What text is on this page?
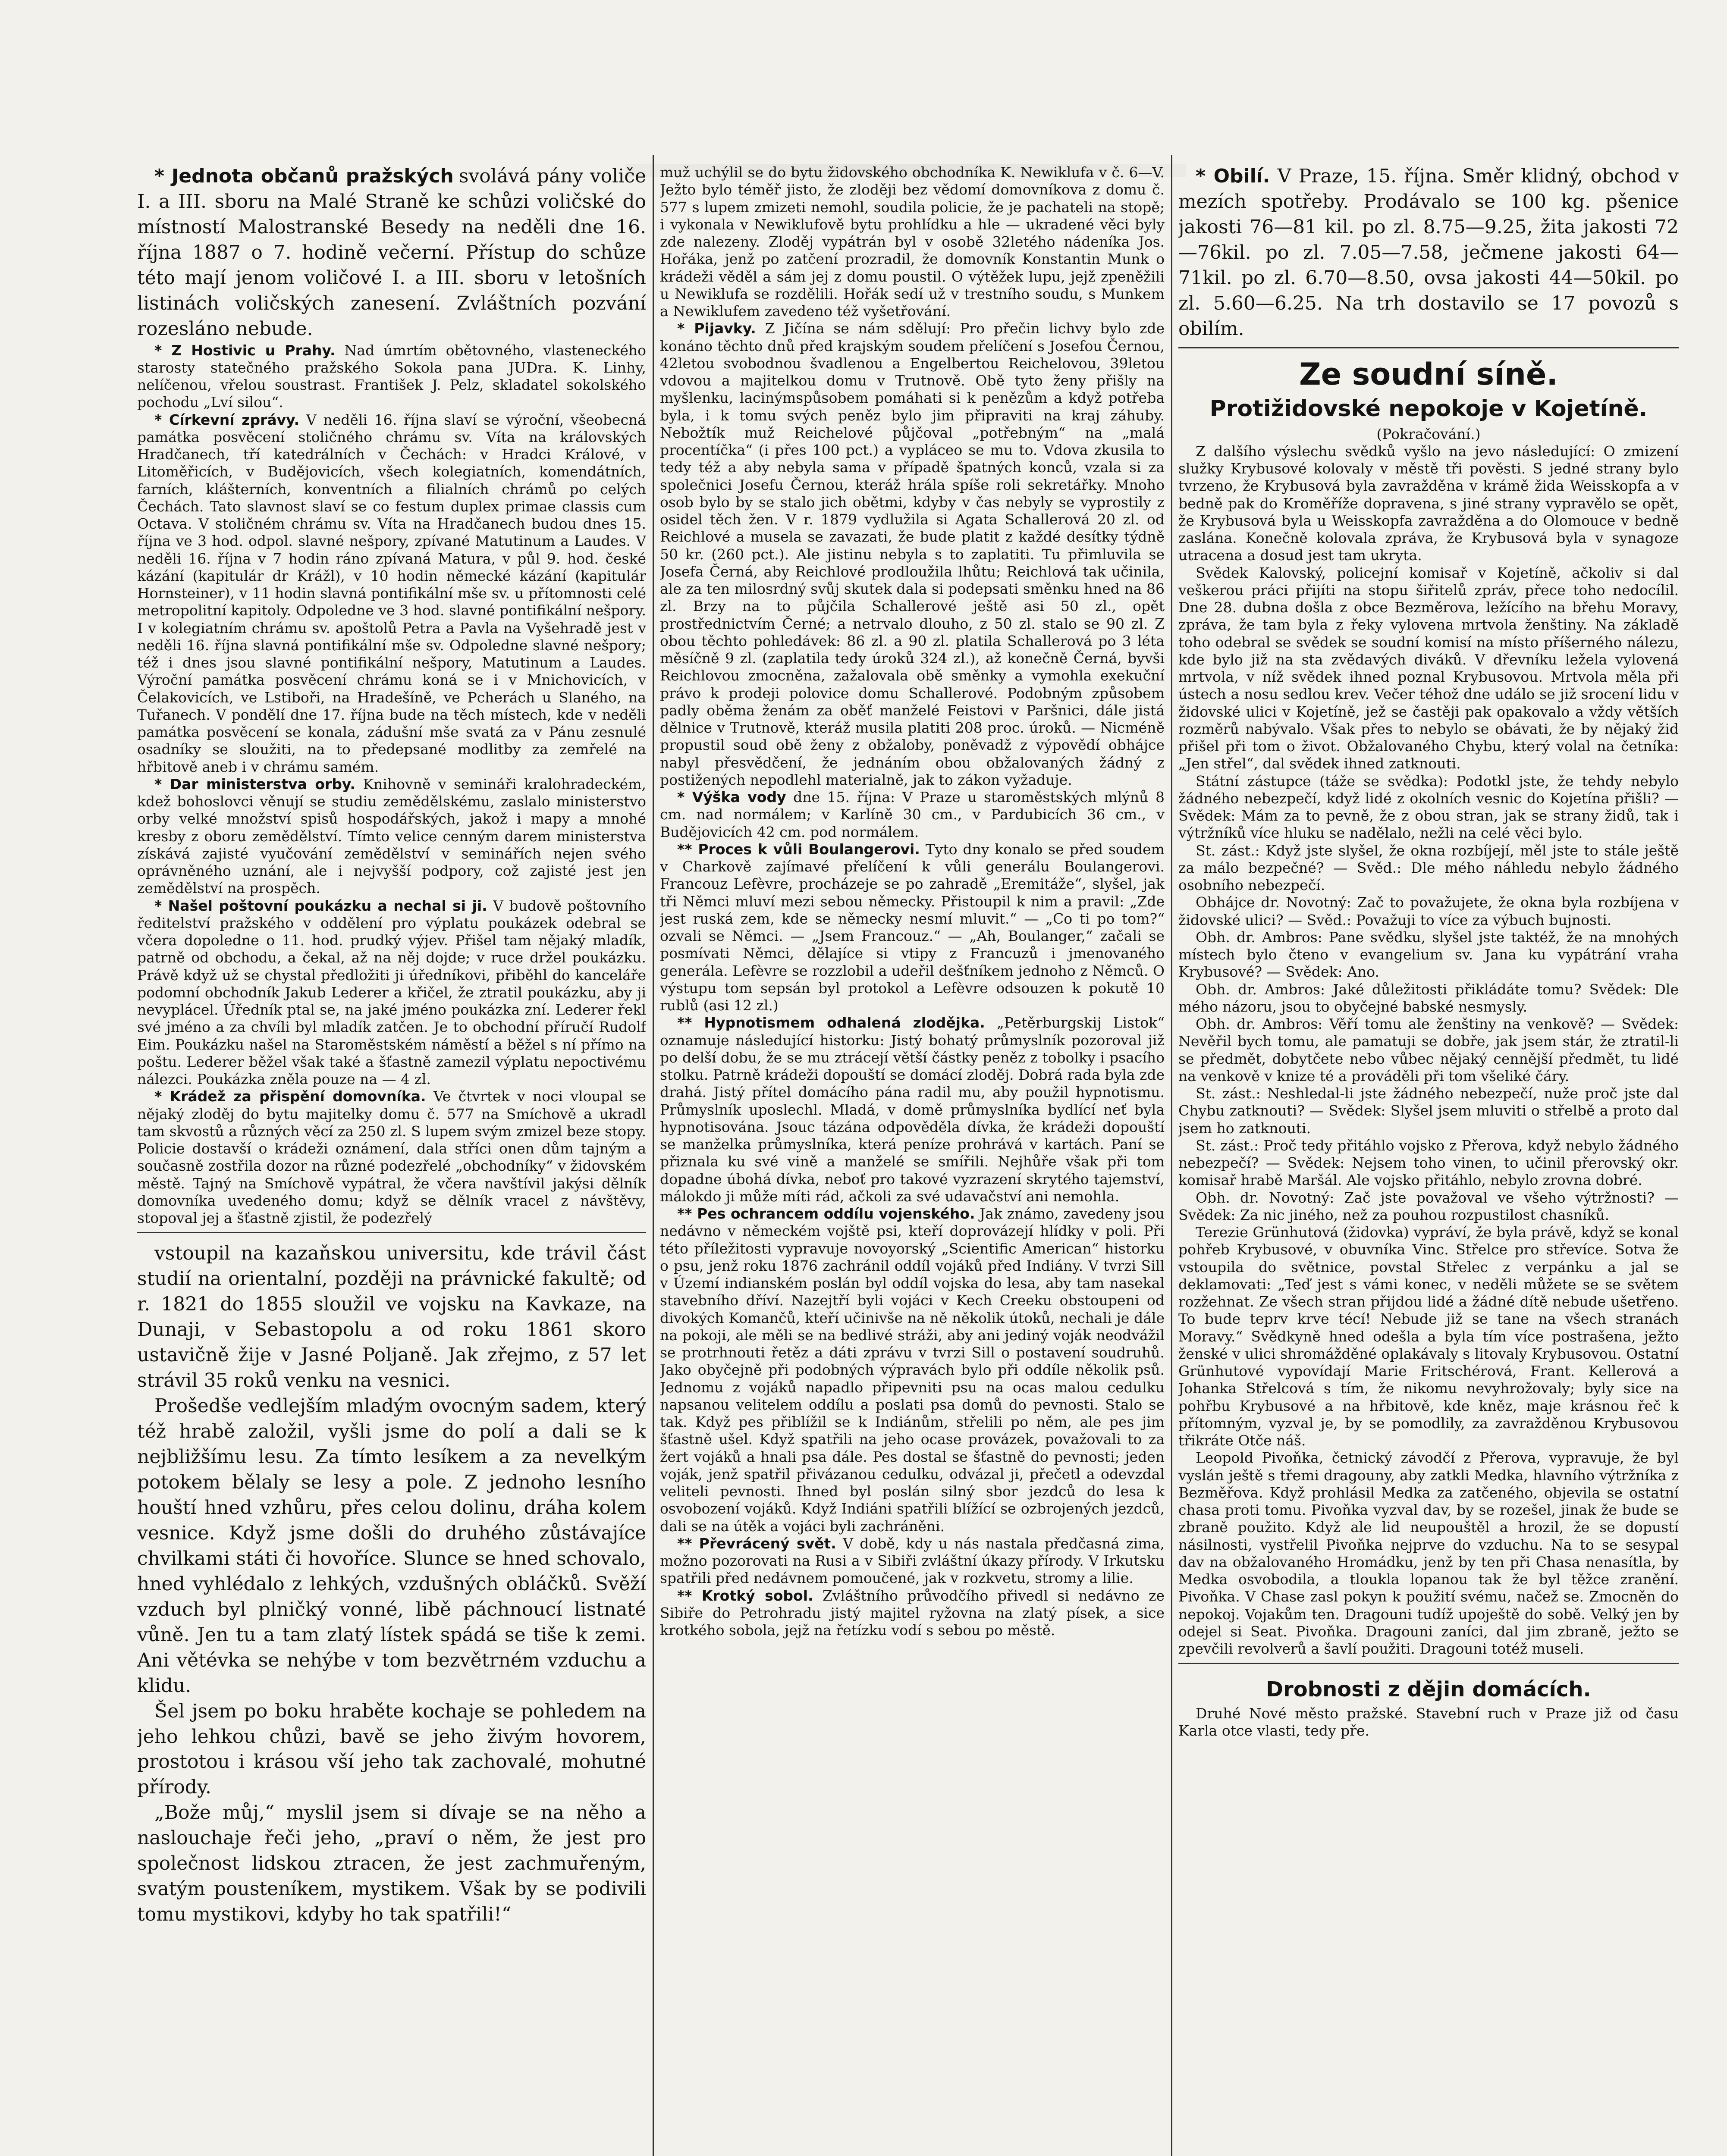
* Jednota občanů pražských svolává pány voliče I. a III. sboru na Malé Straně ke schůzi voličské do místností Malostranské Besedy na neděli dne 16. října 1887 o 7. hodině večerní. Přístup do schůze této mají jenom voličové I. a III. sboru v letošních listinách voličských zanesení. Zvláštních pozvání rozesláno nebude.

* Z Hostivic u Prahy. Nad úmrtím obětovného, vlasteneckého starosty statečného pražského Sokola pana JUDra. K. Linhy, nelíčenou, vřelou soustrast. František J. Pelz, skladatel sokolského pochodu „Lví silou“.

* Církevní zprávy. V neděli 16. října slaví se výroční, všeobecná památka posvěcení stoličného chrámu sv. Víta na královských Hradčanech, tří katedrálních v Čechách: v Hradci Králové, v Litoměřicích, v Budějovicích, všech kolegiatních, komendátních, farních, klášterních, konventních a filialních chrámů po celých Čechách. Tato slavnost slaví se co festum duplex primae classis cum Octava. V stoličném chrámu sv. Víta na Hradčanech budou dnes 15. října ve 3 hod. odpol. slavné nešpory, zpívané Matutinum a Laudes. V neděli 16. října v 7 hodin ráno zpívaná Matura, v půl 9. hod. české kázání (kapitulár dr Krážl), v 10 hodin německé kázání (kapitulár Hornsteiner), v 11 hodin slavná pontifikální mše sv. u přítomnosti celé metropolitní kapitoly. Odpoledne ve 3 hod. slavné pontifikální nešpory. I v kolegiatním chrámu sv. apoštolů Petra a Pavla na Vyšehradě jest v neděli 16. října slavná pontifikální mše sv. Odpoledne slavné nešpory; též i dnes jsou slavné pontifikální nešpory, Matutinum a Laudes. Výroční památka posvěcení chrámu koná se i v Mnichovicích, v Čelakovicích, ve Lstiboři, na Hradešíně, ve Pcherách u Slaného, na Tuřanech. V pondělí dne 17. října bude na těch místech, kde v neděli památka posvěcení se konala, zádušní mše svatá za v Pánu zesnulé osadníky se sloužiti, na to předepsané modlitby za zemřelé na hřbitově aneb i v chrámu samém.

* Dar ministerstva orby. Knihovně v semináři kralohradeckém, kdež bohoslovci věnují se studiu zemědělskému, zaslalo ministerstvo orby velké množství spisů hospodářských, jakož i mapy a mnohé kresby z oboru zemědělství. Tímto velice cenným darem ministerstva získává zajisté vyučování zemědělství v seminářích nejen svého oprávněného uznání, ale i nejvyšší podpory, což zajisté jest jen zemědělství na prospěch.

* Našel poštovní poukázku a nechal si ji. V budově poštovního ředitelství pražského v oddělení pro výplatu poukázek odebral se včera dopoledne o 11. hod. prudký výjev. Přišel tam nějaký mladík, patrně od obchodu, a čekal, až na něj dojde; v ruce držel poukázku. Právě když už se chystal předložiti ji úředníkovi, přiběhl do kanceláře podomní obchodník Jakub Lederer a křičel, že ztratil poukázku, aby ji nevyplácel. Úředník ptal se, na jaké jméno poukázka zní. Lederer řekl své jméno a za chvíli byl mladík zatčen. Je to obchodní příručí Rudolf Eim. Poukázku našel na Staroměstském náměstí a běžel s ní přímo na poštu. Lederer běžel však také a šťastně zamezil výplatu nepoctivému nálezci. Poukázka zněla pouze na — 4 zl.

* Krádež za přispění domovníka. Ve čtvrtek v noci vloupal se nějaký zloděj do bytu majitelky domu č. 577 na Smíchově a ukradl tam skvostů a různých věcí za 250 zl. S lupem svým zmizel beze stopy. Policie dostavší o krádeži oznámení, dala stříci onen dům tajným a současně zostřila dozor na různé podezřelé „obchodníky“ v židovském městě. Tajný na Smíchově vypátral, že včera navštívil jakýsi dělník domovníka uvedeného domu; když se dělník vracel z návštěvy, stopoval jej a šťastně zjistil, že podezřelý

vstoupil na kazaňskou universitu, kde trávil část studií na orientalní, později na právnické fakultě; od r. 1821 do 1855 sloužil ve vojsku na Kavkaze, na Dunaji, v Sebastopolu a od roku 1861 skoro ustavičně žije v Jasné Poljaně. Jak zřejmo, z 57 let strávil 35 roků venku na vesnici.

Prošedše vedlejším mladým ovocným sadem, který též hrabě založil, vyšli jsme do polí a dali se k nejbližšímu lesu. Za tímto lesíkem a za nevelkým potokem bělaly se lesy a pole. Z jednoho lesního houští hned vzhůru, přes celou dolinu, dráha kolem vesnice. Když jsme došli do druhého zůstávajíce chvilkami státi či hovoříce. Slunce se hned schovalo, hned vyhlédalo z lehkých, vzdušných obláčků. Svěží vzduch byl plničký vonné, libě páchnoucí listnaté vůně. Jen tu a tam zlatý lístek spádá se tiše k zemi. Ani větévka se nehýbe v tom bezvětrném vzduchu a klidu.

Šel jsem po boku hraběte kochaje se pohledem na jeho lehkou chůzi, bavě se jeho živým hovorem, prostotou i krásou vší jeho tak zachovalé, mohutné přírody.

„Bože můj,“ myslil jsem si dívaje se na něho a naslouchaje řeči jeho, „praví o něm, že jest pro společnost lidskou ztracen, že jest zachmuřeným, svatým pousteníkem, mystikem. Však by se podivili tomu mystikovi, kdyby ho tak spatřili!“

muž uchýlil se do bytu židovského obchodníka K. Newiklufa v č. 6—V. Ježto bylo téměř jisto, že zloději bez vědomí domovníkova z domu č. 577 s lupem zmizeti nemohl, soudila policie, že je pachateli na stopě; i vykonala v Newiklufově bytu prohlídku a hle — ukradené věci byly zde nalezeny. Zloděj vypátrán byl v osobě 32letého nádeníka Jos. Hořáka, jenž po zatčení prozradil, že domovník Konstantin Munk o krádeži věděl a sám jej z domu poustil. O výtěžek lupu, jejž zpeněžili u Newiklufa se rozdělili. Hořák sedí už v trestního soudu, s Munkem a Newiklufem zavedeno též vyšetřování.

* Pijavky. Z Jičína se nám sdělují: Pro přečin lichvy bylo zde konáno těchto dnů před krajským soudem přelíčení s Josefou Černou, 42letou svobodnou švadlenou a Engelbertou Reichelovou, 39letou vdovou a majitelkou domu v Trutnově. Obě tyto ženy přišly na myšlenku, lacinýmspůsobem pomáhati si k penězům a když potřeba byla, i k tomu svých peněz bylo jim připraviti na kraj záhuby. Nebožtík muž Reichelové půjčoval „potřebným“ na „malá procentíčka“ (i přes 100 pct.) a vypláceo se mu to. Vdova zkusila to tedy též a aby nebyla sama v případě špatných konců, vzala si za společnici Josefu Černou, kteráž hrála spíše roli sekretářky. Mnoho osob bylo by se stalo jich obětmi, kdyby v čas nebyly se vyprostily z osidel těch žen. V r. 1879 vydlužila si Agata Schallerová 20 zl. od Reichlové a musela se zavazati, že bude platit z každé desítky týdně 50 kr. (260 pct.). Ale jistinu nebyla s to zaplatiti. Tu přimluvila se Josefa Černá, aby Reichlové prodloužila lhůtu; Reichlová tak učinila, ale za ten milosrdný svůj skutek dala si podepsati směnku hned na 86 zl. Brzy na to půjčila Schallerové ještě asi 50 zl., opět prostřednictvím Černé; a netrvalo dlouho, z 50 zl. stalo se 90 zl. Z obou těchto pohledávek: 86 zl. a 90 zl. platila Schallerová po 3 léta měsíčně 9 zl. (zaplatila tedy úroků 324 zl.), až konečně Černá, byvši Reichlovou zmocněna, zažalovala obě směnky a vymohla exekuční právo k prodeji polovice domu Schallerové. Podobným způsobem padly oběma ženám za oběť manželé Feistovi v Paršnici, dále jistá dělnice v Trutnově, kteráž musila platiti 208 proc. úroků. — Nicméně propustil soud obě ženy z obžaloby, poněvadž z výpovědí obhájce nabyl přesvědčení, že jednáním obou obžalovaných žádný z postižených nepodlehl materialně, jak to zákon vyžaduje.

* Výška vody dne 15. října: V Praze u staroměstských mlýnů 8 cm. nad normálem; v Karlíně 30 cm., v Pardubicích 36 cm., v Budějovicích 42 cm. pod normálem.

** Proces k vůli Boulangerovi. Tyto dny konalo se před soudem v Charkově zajímavé přelíčení k vůli generálu Boulangerovi. Francouz Lefèvre, procházeje se po zahradě „Eremitáže“, slyšel, jak tři Němci mluví mezi sebou německy. Přistoupil k nim a pravil: „Zde jest ruská zem, kde se německy nesmí mluvit.“ — „Co ti po tom?“ ozvali se Němci. — „Jsem Francouz.“ — „Ah, Boulanger,“ začali se posmívati Němci, dělajíce si vtipy z Francuzů i jmenovaného generála. Lefèvre se rozzlobil a udeřil dešťníkem jednoho z Němců. O výstupu tom sepsán byl protokol a Lefèvre odsouzen k pokutě 10 rublů (asi 12 zl.)

** Hypnotismem odhalená zlodějka. „Petěrburgskij Listok“ oznamuje následující historku: Jistý bohatý průmyslník pozoroval již po delší dobu, že se mu ztrácejí větší částky peněz z tobolky i psacího stolku. Patrně krádeži dopouští se domácí zloděj. Dobrá rada byla zde drahá. Jistý přítel domácího pána radil mu, aby použil hypnotismu. Průmyslník uposlechl. Mladá, v domě průmyslníka bydlící neť byla hypnotisována. Jsouc tázána odpověděla dívka, že krádeži dopouští se manželka průmyslníka, která peníze prohrává v kartách. Paní se přiznala ku své vině a manželé se smířili. Nejhůře však při tom dopadne úbohá dívka, neboť pro takové vyzrazení skrytého tajemství, málokdo ji může míti rád, ačkoli za své udavačství ani nemohla.

** Pes ochrancem oddílu vojenského. Jak známo, zavedeny jsou nedávno v německém vojště psi, kteří doprovázejí hlídky v poli. Při této příležitosti vypravuje novoyorský „Scientific American“ historku o psu, jenž roku 1876 zachránil oddíl vojáků před Indiány. V tvrzi Sill v Území indianském poslán byl oddíl vojska do lesa, aby tam nasekal stavebního dříví. Nazejtří byli vojáci v Kech Creeku obstoupeni od divokých Komančů, kteří učinivše na ně několik útoků, nechali je dále na pokoji, ale měli se na bedlivé stráži, aby ani jediný voják neodvážil se protrhnouti řetěz a dáti zprávu v tvrzi Sill o postavení soudruhů. Jako obyčejně při podobných výpravách bylo při oddíle několik psů. Jednomu z vojáků napadlo připevniti psu na ocas malou cedulku napsanou velitelem oddílu a poslati psa domů do pevnosti. Stalo se tak. Když pes přiblížil se k Indiánům, střelili po něm, ale pes jim šťastně ušel. Když spatřili na jeho ocase provázek, považovali to za žert vojáků a hnali psa dále. Pes dostal se šťastně do pevnosti; jeden voják, jenž spatřil přivázanou cedulku, odvázal ji, přečetl a odevzdal veliteli pevnosti. Ihned byl poslán silný sbor jezdců do lesa k osvobození vojáků. Když Indiáni spatřili blížící se ozbrojených jezdců, dali se na útěk a vojáci byli zachráněni.

** Převrácený svět. V době, kdy u nás nastala předčasná zima, možno pozorovati na Rusi a v Sibiři zvláštní úkazy přírody. V Irkutsku spatřili před nedávnem pomoučené, jak v rozkvetu, stromy a lilie.

** Krotký sobol. Zvláštního průvodčího přivedl si nedávno ze Sibiře do Petrohradu jistý majitel ryžovna na zlatý písek, a sice krotkého sobola, jejž na řetízku vodí s sebou po městě.

* Obilí. V Praze, 15. října. Směr klidný, obchod v mezích spotřeby. Prodávalo se 100 kg. pšenice jakosti 76—81 kil. po zl. 8.75—9.25, žita jakosti 72—76kil. po zl. 7.05—7.58, ječmene jakosti 64—71kil. po zl. 6.70—8.50, ovsa jakosti 44—50kil. po zl. 5.60—6.25. Na trh dostavilo se 17 povozů s obilím.

Ze soudní síně.
Protižidovské nepokoje v Kojetíně.
(Pokračování.)

Z dalšího výslechu svědků vyšlo na jevo následující: O zmizení služky Krybusové kolovaly v městě tři pověsti. S jedné strany bylo tvrzeno, že Krybusová byla zavražděna v krámě žida Weisskopfa a v bedně pak do Kroměříže dopravena, s jiné strany vypravělo se opět, že Krybusová byla u Weisskopfa zavražděna a do Olomouce v bedně zaslána. Konečně kolovala zpráva, že Krybusová byla v synagoze utracena a dosud jest tam ukryta.

Svědek Kalovský, policejní komisař v Kojetíně, ačkoliv si dal veškerou práci přijíti na stopu šiřitelů zpráv, přece toho nedocílil. Dne 28. dubna došla z obce Bezměrova, ležícího na břehu Moravy, zpráva, že tam byla z řeky vylovena mrtvola ženštiny. Na základě toho odebral se svědek se soudní komisí na místo příšerného nálezu, kde bylo již na sta zvědavých diváků. V dřevníku ležela vylovená mrtvola, v níž svědek ihned poznal Krybusovou. Mrtvola měla při ústech a nosu sedlou krev. Večer téhož dne událo se již srocení lidu v židovské ulici v Kojetíně, jež se častěji pak opakovalo a vždy větších rozměrů nabývalo. Však přes to nebylo se obávati, že by nějaký žid přišel při tom o život. Obžalovaného Chybu, který volal na četníka: „Jen střel“, dal svědek ihned zatknouti.

Státní zástupce (táže se svědka): Podotkl jste, že tehdy nebylo žádného nebezpečí, když lidé z okolních vesnic do Kojetína přišli? — Svědek: Mám za to pevně, že z obou stran, jak se strany židů, tak i výtržníků více hluku se nadělalo, nežli na celé věci bylo.

St. zást.: Když jste slyšel, že okna rozbíjejí, měl jste to stále ještě za málo bezpečné? — Svěd.: Dle mého náhledu nebylo žádného osobního nebezpečí.

Obhájce dr. Novotný: Zač to považujete, že okna byla rozbíjena v židovské ulici? — Svěd.: Považuji to více za výbuch bujnosti.

Obh. dr. Ambros: Pane svědku, slyšel jste taktéž, že na mnohých místech bylo čteno v evangelium sv. Jana ku vypátrání vraha Krybusové? — Svědek: Ano.

Obh. dr. Ambros: Jaké důležitosti přikládáte tomu? Svědek: Dle mého názoru, jsou to obyčejné babské nesmysly.

Obh. dr. Ambros: Věří tomu ale ženštiny na venkově? — Svědek: Nevěřil bych tomu, ale pamatuji se dobře, jak jsem stár, že ztratil-li se předmět, dobytčete nebo vůbec nějaký cennější předmět, tu lidé na venkově v knize té a prováděli při tom všeliké čáry.

St. zást.: Neshledal-li jste žádného nebezpečí, nuže proč jste dal Chybu zatknouti? — Svědek: Slyšel jsem mluviti o střelbě a proto dal jsem ho zatknouti.

St. zást.: Proč tedy přitáhlo vojsko z Přerova, když nebylo žádného nebezpečí? — Svědek: Nejsem toho vinen, to učinil přerovský okr. komisař hrabě Maršál. Ale vojsko přitáhlo, nebylo zrovna dobré.

Obh. dr. Novotný: Zač jste považoval ve všeho výtržnosti? — Svědek: Za nic jiného, než za pouhou rozpustilost chasníků.

Terezie Grünhutová (židovka) vypráví, že byla právě, když se konal pohřeb Krybusové, v obuvníka Vinc. Střelce pro střevíce. Sotva že vstoupila do světnice, povstal Střelec z verpánku a jal se deklamovati: „Teď jest s vámi konec, v neděli můžete se se světem rozžehnat. Ze všech stran přijdou lidé a žádné dítě nebude ušetřeno. To bude teprv krve técí! Nebude již se tane na všech stranách Moravy.“ Svědkyně hned odešla a byla tím více postrašena, ježto ženské v ulici shromážděné oplakávaly s litovaly Krybusovou. Ostatní Grünhutové vypovídají Marie Fritschérová, Frant. Kellerová a Johanka Střelcová s tím, že nikomu nevyhrožovaly; byly sice na pohřbu Krybusové a na hřbitově, kde kněz, maje krásnou řeč k přítomným, vyzval je, by se pomodlily, za zavražděnou Krybusovou třikráte Otče náš.

Leopold Pivoňka, četnický závodčí z Přerova, vypravuje, že byl vyslán ještě s třemi dragouny, aby zatkli Medka, hlavního výtržníka z Bezměřova. Když prohlásil Medka za zatčeného, objevila se ostatní chasa proti tomu. Pivoňka vyzval dav, by se rozešel, jinak že bude se zbraně použito. Když ale lid neupouštěl a hrozil, že se dopustí násilnosti, vystřelil Pivoňka nejprve do vzduchu. Na to se sesypal dav na obžalovaného Hromádku, jenž by ten při Chasa nenasítla, by Medka osvobodila, a tloukla lopanou tak že byl těžce zranění. Pivoňka. V Chase zasl pokyn k použití svému, načež se. Zmocněn do nepokoj. Vojakům ten. Dragouni tudíž upoještě do sobě. Velký jen by odejel si Seat. Pivoňka. Dragouni zaníci, dal jim zbraně, ježto se zpevčili revolverů a šavlí použiti. Dragouni totéž museli.

Drobnosti z dějin domácích.

Druhé Nové město pražské. Stavební ruch v Praze již od času Karla otce vlasti, tedy pře.
